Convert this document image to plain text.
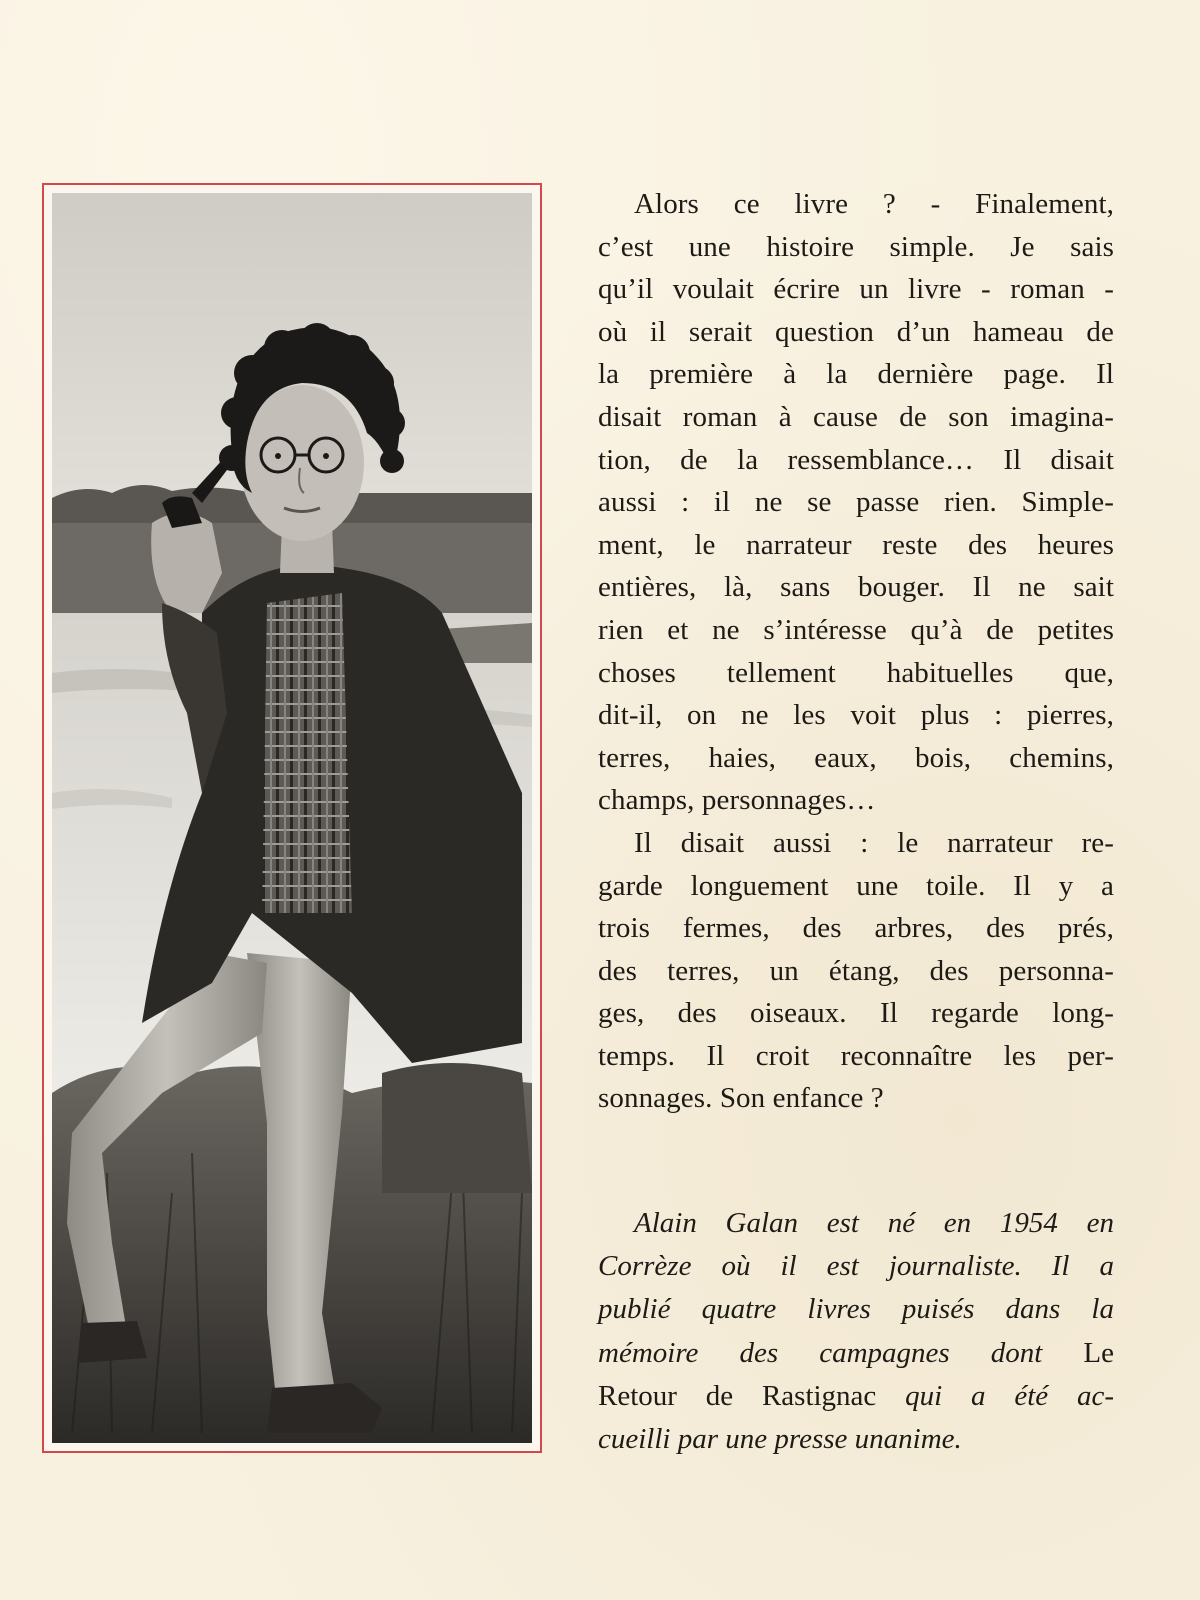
Alors ce livre ? - Finalement,
c’est une histoire simple. Je sais
qu’il voulait écrire un livre - roman -
où il serait question d’un hameau de
la première à la dernière page. Il
disait roman à cause de son imagina-
tion, de la ressemblance… Il disait
aussi : il ne se passe rien. Simple-
ment, le narrateur reste des heures
entières, là, sans bouger. Il ne sait
rien et ne s’intéresse qu’à de petites
choses tellement habituelles que,
dit-il, on ne les voit plus : pierres,
terres, haies, eaux, bois, chemins,
champs, personnages…

Il disait aussi : le narrateur re-
garde longuement une toile. Il y a
trois fermes, des arbres, des prés,
des terres, un étang, des personna-
ges, des oiseaux. Il regarde long-
temps. Il croit reconnaître les per-
sonnages. Son enfance ?

Alain Galan est né en 1954 en
Corrèze où il est journaliste. Il a
publié quatre livres puisés dans la
mémoire des campagnes dont Le
Retour de Rastignac qui a été ac-
cueilli par une presse unanime.
